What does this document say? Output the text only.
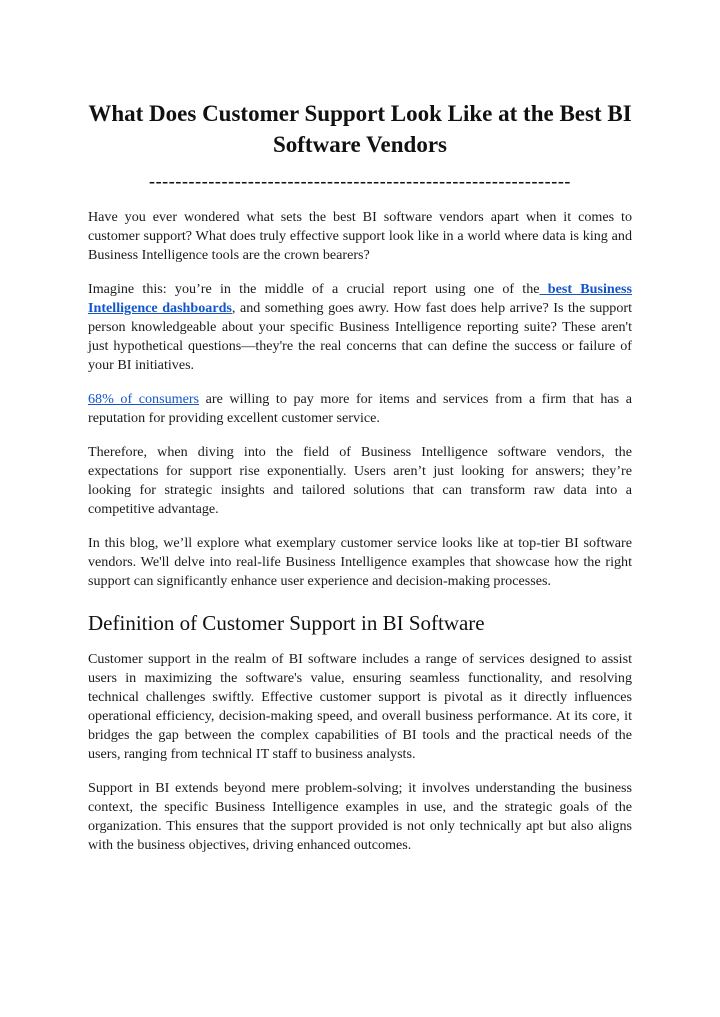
What Does Customer Support Look Like at the Best BI Software Vendors
----------------------------------------------------------------

Have you ever wondered what sets the best BI software vendors apart when it comes to customer support? What does truly effective support look like in a world where data is king and Business Intelligence tools are the crown bearers?

Imagine this: you’re in the middle of a crucial report using one of the best Business Intelligence dashboards, and something goes awry. How fast does help arrive? Is the support person knowledgeable about your specific Business Intelligence reporting suite? These aren't just hypothetical questions—they're the real concerns that can define the success or failure of your BI initiatives.

68% of consumers are willing to pay more for items and services from a firm that has a reputation for providing excellent customer service.

Therefore, when diving into the field of Business Intelligence software vendors, the expectations for support rise exponentially. Users aren’t just looking for answers; they’re looking for strategic insights and tailored solutions that can transform raw data into a competitive advantage.

In this blog, we’ll explore what exemplary customer service looks like at top-tier BI software vendors. We'll delve into real-life Business Intelligence examples that showcase how the right support can significantly enhance user experience and decision-making processes.

Definition of Customer Support in BI Software

Customer support in the realm of BI software includes a range of services designed to assist users in maximizing the software's value, ensuring seamless functionality, and resolving technical challenges swiftly. Effective customer support is pivotal as it directly influences operational efficiency, decision-making speed, and overall business performance. At its core, it bridges the gap between the complex capabilities of BI tools and the practical needs of the users, ranging from technical IT staff to business analysts.

Support in BI extends beyond mere problem-solving; it involves understanding the business context, the specific Business Intelligence examples in use, and the strategic goals of the organization. This ensures that the support provided is not only technically apt but also aligns with the business objectives, driving enhanced outcomes.
